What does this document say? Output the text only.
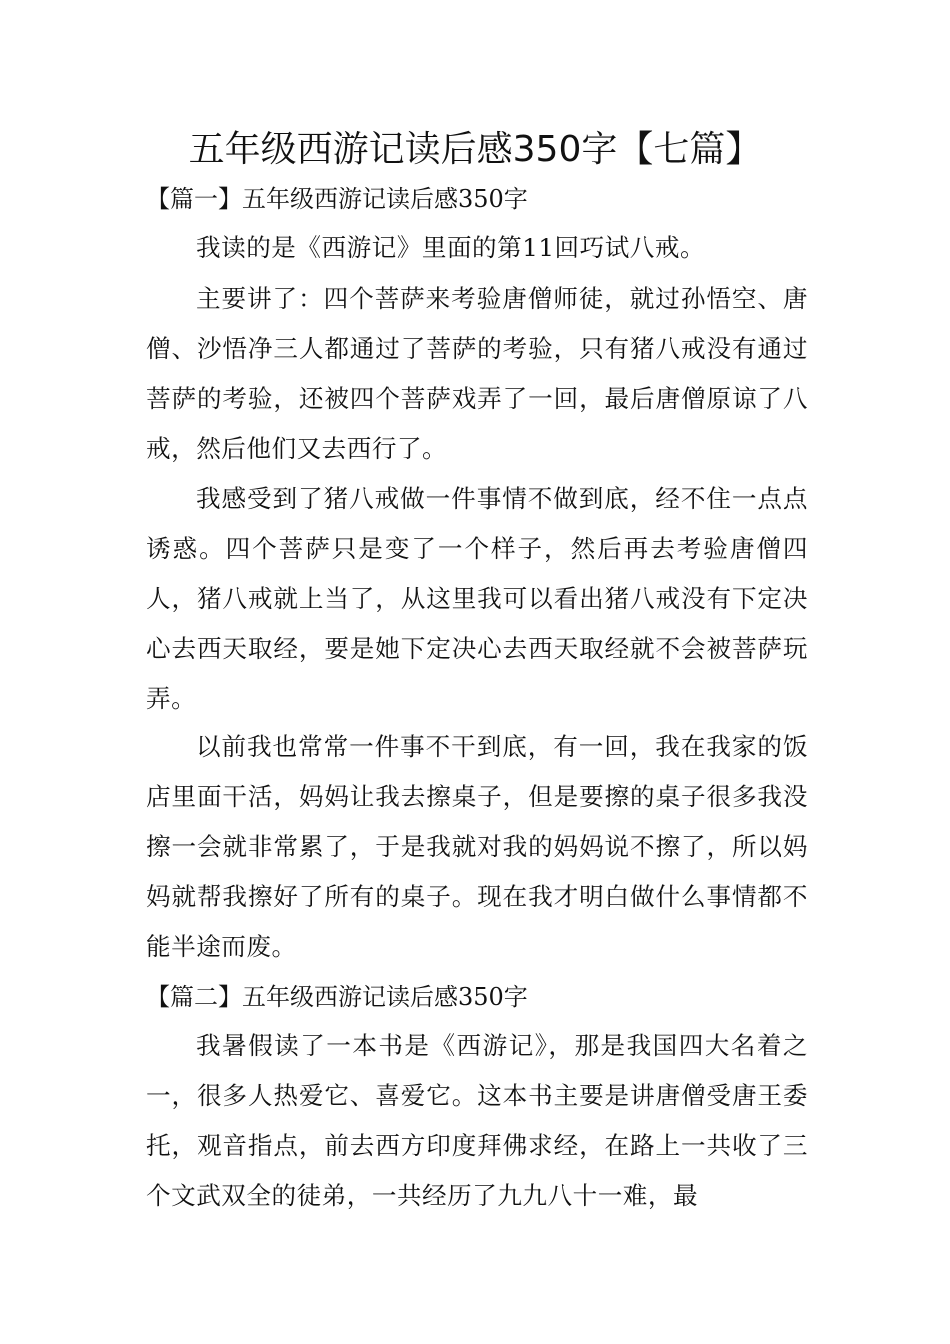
五年级西游记读后感350字【七篇】
【篇一】五年级西游记读后感350字

我读的是《西游记》里面的第11回巧试八戒。

主要讲了：四个菩萨来考验唐僧师徒，就过孙悟空、唐僧、沙悟净三人都通过了菩萨的考验，只有猪八戒没有通过菩萨的考验，还被四个菩萨戏弄了一回，最后唐僧原谅了八戒，然后他们又去西行了。

我感受到了猪八戒做一件事情不做到底，经不住一点点诱惑。四个菩萨只是变了一个样子，然后再去考验唐僧四人，猪八戒就上当了，从这里我可以看出猪八戒没有下定决心去西天取经，要是她下定决心去西天取经就不会被菩萨玩弄。

以前我也常常一件事不干到底，有一回，我在我家的饭店里面干活，妈妈让我去擦桌子，但是要擦的桌子很多我没擦一会就非常累了，于是我就对我的妈妈说不擦了，所以妈妈就帮我擦好了所有的桌子。现在我才明白做什么事情都不能半途而废。

【篇二】五年级西游记读后感350字

我暑假读了一本书是《西游记》，那是我国四大名着之一，很多人热爱它、喜爱它。这本书主要是讲唐僧受唐王委托，观音指点，前去西方印度拜佛求经，在路上一共收了三个文武双全的徒弟，一共经历了九九八十一难，最
